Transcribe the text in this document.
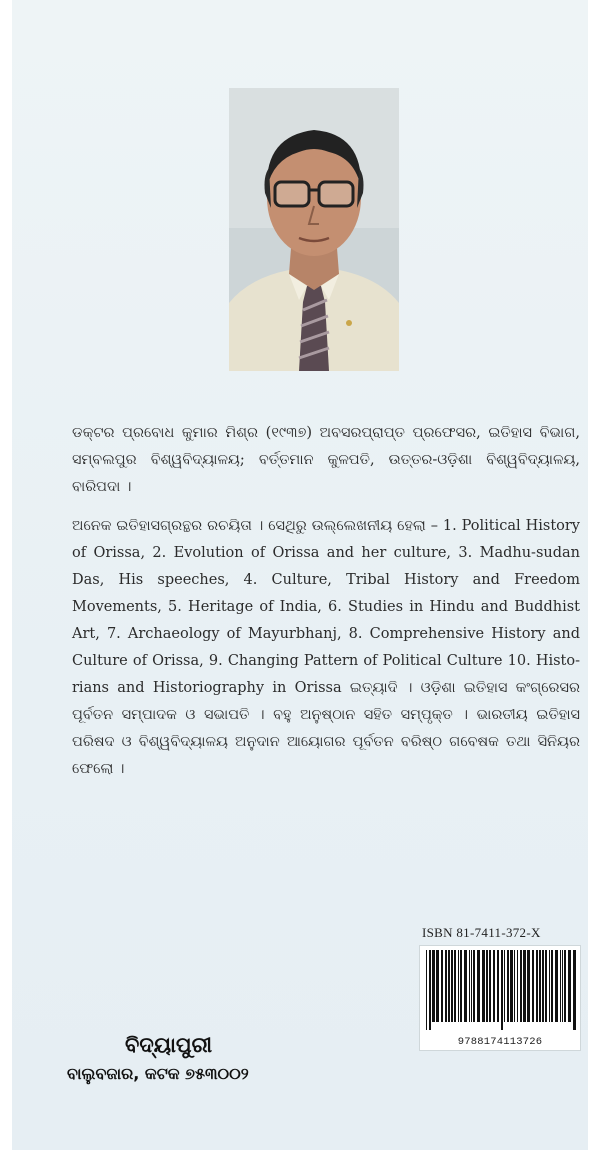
ଡକ୍ଟର ପ୍ରବୋଧ କୁମାର ମିଶ୍ର (୧୯୩୭) ଅବସରପ୍ରାପ୍ତ ପ୍ରଫେସର, ଇତିହାସ ବିଭାଗ, ସମ୍ବଲପୁର ବିଶ୍ୱବିଦ୍ୟାଳୟ; ବର୍ତ୍ତମାନ କୁଳପତି, ଉତ୍ତର-ଓଡ଼ିଶା ବିଶ୍ୱବିଦ୍ୟାଳୟ, ବାରିପଦା ।

ଅନେକ ଇତିହାସଗ୍ରନ୍ଥର ରଚୟିତା । ସେଥିରୁ ଉଲ୍ଲେଖନୀୟ ହେଲା – 1. Political History of Orissa, 2. Evolution of Orissa and her culture, 3. Madhu-sudan Das, His speeches, 4. Culture, Tribal History and Freedom Movements, 5. Heritage of India, 6. Studies in Hindu and Buddhist Art, 7. Archaeology of Mayurbhanj, 8. Comprehensive History and Culture of Orissa, 9. Changing Pattern of Political Culture 10. Histo-rians and Historiography in Orissa ଇତ୍ୟାଦି । ଓଡ଼ିଶା ଇତିହାସ କଂଗ୍ରେସର ପୂର୍ବତନ ସମ୍ପାଦକ ଓ ସଭାପତି । ବହୁ ଅନୁଷ୍ଠାନ ସହିତ ସମ୍ପୃକ୍ତ । ଭାରତୀୟ ଇତିହାସ ପରିଷଦ ଓ ବିଶ୍ୱବିଦ୍ୟାଳୟ ଅନୁଦାନ ଆୟୋଗର ପୂର୍ବତନ ବରିଷ୍ଠ ଗବେଷକ ତଥା ସିନିୟର ଫେଲୋ ।

ISBN 81-7411-372-X
9788174113726
ବିଦ୍ୟାପୁରୀ
ବାଲୁବଜାର, କଟକ ୭୫୩୦୦୨
